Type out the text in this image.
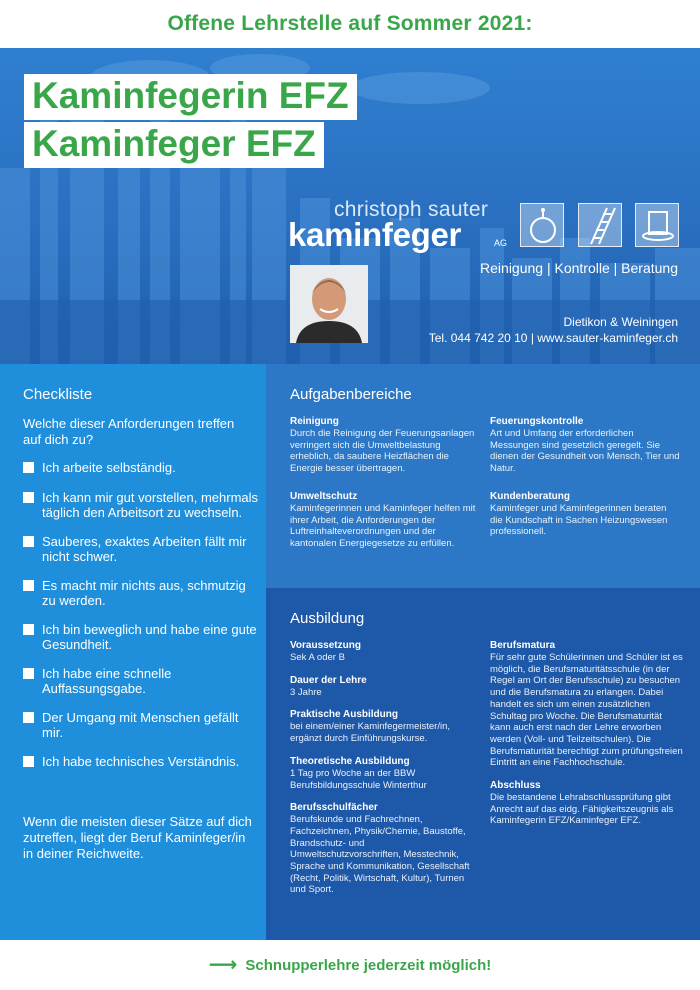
Offene Lehrstelle auf Sommer 2021:
Kaminfegerin EFZ
Kaminfeger EFZ
christoph sauter
kaminfeger	AG
Reinigung | Kontrolle | Beratung
Dietikon & Weiningen
Tel. 044 742 20 10 | www.sauter-kaminfeger.ch
Checkliste
Welche dieser Anforderungen treffen auf dich zu?
Ich arbeite selbständig.
Ich kann mir gut vorstellen, mehrmals täglich den Arbeitsort zu wechseln.
Sauberes, exaktes Arbeiten fällt mir nicht schwer.
Es macht mir nichts aus, schmutzig zu werden.
Ich bin beweglich und habe eine gute Gesundheit.
Ich habe eine schnelle Auffassungsgabe.
Der Umgang mit Menschen gefällt mir.
Ich habe technisches Verständnis.
Wenn die meisten dieser Sätze auf dich zutreffen, liegt der Beruf Kaminfeger/in in deiner Reichweite.
Aufgabenbereiche
Reinigung
Durch die Reinigung der Feuerungsanlagen verringert sich die Umweltbelastung erheblich, da saubere Heizflächen die Energie besser übertragen.
Feuerungskontrolle
Art und Umfang der erforderlichen Messungen sind gesetzlich geregelt. Sie dienen der Gesundheit von Mensch, Tier und Natur.
Umweltschutz
Kaminfegerinnen und Kaminfeger helfen mit ihrer Arbeit, die Anforderungen der Luftreinhalteverordnungen und der kantonalen Energiegesetze zu erfüllen.
Kundenberatung
Kaminfeger und Kaminfegerinnen beraten die Kundschaft in Sachen Heizungswesen professionell.
Ausbildung
Voraussetzung
Sek A oder B
Dauer der Lehre
3 Jahre
Praktische Ausbildung
bei einem/einer Kaminfegermeister/in, ergänzt durch Einführungskurse.
Theoretische Ausbildung
1 Tag pro Woche an der BBW Berufsbildungsschule Winterthur
Berufsschulfächer
Berufskunde und Fachrechnen, Fachzeichnen, Physik/Chemie, Baustoffe, Brandschutz- und Umweltschutzvorschriften, Messtechnik, Sprache und Kommunikation, Gesellschaft (Recht, Politik, Wirtschaft, Kultur), Turnen und Sport.
Berufsmatura
Für sehr gute Schülerinnen und Schüler ist es möglich, die Berufsmaturitätsschule (in der Regel am Ort der Berufsschule) zu besuchen und die Berufsmatura zu erlangen. Dabei handelt es sich um einen zusätzlichen Schultag pro Woche. Die Berufsmaturität kann auch erst nach der Lehre erworben werden (Voll- und Teilzeitschulen). Die Berufsmaturität berechtigt zum prüfungsfreien Eintritt an eine Fachhochschule.
Abschluss
Die bestandene Lehrabschlussprüfung gibt Anrecht auf das eidg. Fähigkeitszeugnis als Kaminfegerin EFZ/Kaminfeger EFZ.
⟶ Schnupperlehre jederzeit möglich!
